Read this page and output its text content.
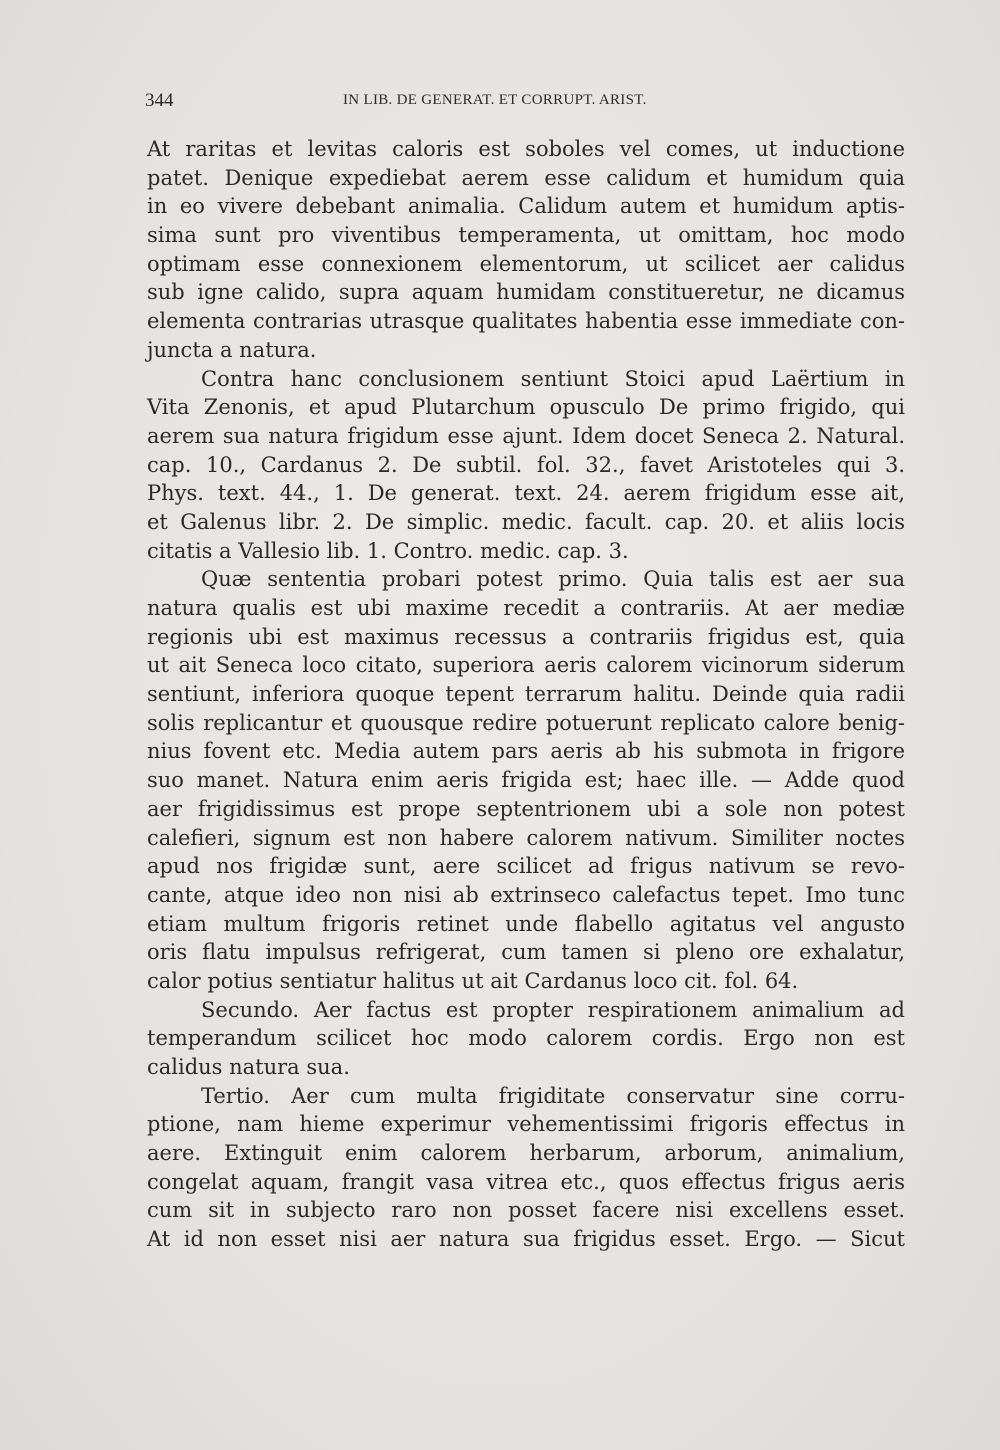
344	IN LIB. DE GENERAT. ET CORRUPT. ARIST.
At raritas et levitas caloris est soboles vel comes, ut inductione
patet. Denique expediebat aerem esse calidum et humidum quia
in eo vivere debebant animalia. Calidum autem et humidum aptis-
sima sunt pro viventibus temperamenta, ut omittam, hoc modo
optimam esse connexionem elementorum, ut scilicet aer calidus
sub igne calido, supra aquam humidam constitueretur, ne dicamus
elementa contrarias utrasque qualitates habentia esse immediate con-
juncta a natura.
Contra hanc conclusionem sentiunt Stoici apud Laërtium in
Vita Zenonis, et apud Plutarchum opusculo De primo frigido, qui
aerem sua natura frigidum esse ajunt. Idem docet Seneca 2. Natural.
cap. 10., Cardanus 2. De subtil. fol. 32., favet Aristoteles qui 3.
Phys. text. 44., 1. De generat. text. 24. aerem frigidum esse ait,
et Galenus libr. 2. De simplic. medic. facult. cap. 20. et aliis locis
citatis a Vallesio lib. 1. Contro. medic. cap. 3.
Quæ sententia probari potest primo. Quia talis est aer sua
natura qualis est ubi maxime recedit a contrariis. At aer mediæ
regionis ubi est maximus recessus a contrariis frigidus est, quia
ut ait Seneca loco citato, superiora aeris calorem vicinorum siderum
sentiunt, inferiora quoque tepent terrarum halitu. Deinde quia radii
solis replicantur et quousque redire potuerunt replicato calore benig-
nius fovent etc. Media autem pars aeris ab his submota in frigore
suo manet. Natura enim aeris frigida est; haec ille. — Adde quod
aer frigidissimus est prope septentrionem ubi a sole non potest
calefieri, signum est non habere calorem nativum. Similiter noctes
apud nos frigidæ sunt, aere scilicet ad frigus nativum se revo-
cante, atque ideo non nisi ab extrinseco calefactus tepet. Imo tunc
etiam multum frigoris retinet unde flabello agitatus vel angusto
oris flatu impulsus refrigerat, cum tamen si pleno ore exhalatur,
calor potius sentiatur halitus ut ait Cardanus loco cit. fol. 64.
Secundo. Aer factus est propter respirationem animalium ad
temperandum scilicet hoc modo calorem cordis. Ergo non est
calidus natura sua.
Tertio. Aer cum multa frigiditate conservatur sine corru-
ptione, nam hieme experimur vehementissimi frigoris effectus in
aere. Extinguit enim calorem herbarum, arborum, animalium,
congelat aquam, frangit vasa vitrea etc., quos effectus frigus aeris
cum sit in subjecto raro non posset facere nisi excellens esset.
At id non esset nisi aer natura sua frigidus esset. Ergo. — Sicut
